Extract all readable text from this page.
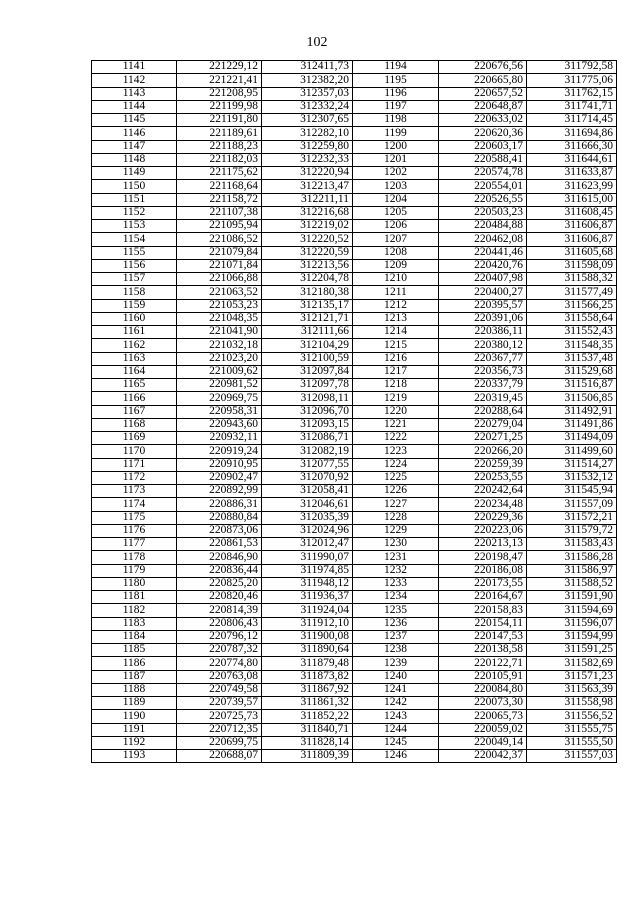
102
1141	221229,12	312411,73	1194	220676,56	311792,58
1142	221221,41	312382,20	1195	220665,80	311775,06
1143	221208,95	312357,03	1196	220657,52	311762,15
1144	221199,98	312332,24	1197	220648,87	311741,71
1145	221191,80	312307,65	1198	220633,02	311714,45
1146	221189,61	312282,10	1199	220620,36	311694,86
1147	221188,23	312259,80	1200	220603,17	311666,30
1148	221182,03	312232,33	1201	220588,41	311644,61
1149	221175,62	312220,94	1202	220574,78	311633,87
1150	221168,64	312213,47	1203	220554,01	311623,99
1151	221158,72	312211,11	1204	220526,55	311615,00
1152	221107,38	312216,68	1205	220503,23	311608,45
1153	221095,94	312219,02	1206	220484,88	311606,87
1154	221086,52	312220,52	1207	220462,08	311606,87
1155	221079,84	312220,59	1208	220441,46	311605,68
1156	221071,84	312213,56	1209	220420,76	311598,09
1157	221066,88	312204,78	1210	220407,98	311588,32
1158	221063,52	312180,38	1211	220400,27	311577,49
1159	221053,23	312135,17	1212	220395,57	311566,25
1160	221048,35	312121,71	1213	220391,06	311558,64
1161	221041,90	312111,66	1214	220386,11	311552,43
1162	221032,18	312104,29	1215	220380,12	311548,35
1163	221023,20	312100,59	1216	220367,77	311537,48
1164	221009,62	312097,84	1217	220356,73	311529,68
1165	220981,52	312097,78	1218	220337,79	311516,87
1166	220969,75	312098,11	1219	220319,45	311506,85
1167	220958,31	312096,70	1220	220288,64	311492,91
1168	220943,60	312093,15	1221	220279,04	311491,86
1169	220932,11	312086,71	1222	220271,25	311494,09
1170	220919,24	312082,19	1223	220266,20	311499,60
1171	220910,95	312077,55	1224	220259,39	311514,27
1172	220902,47	312070,92	1225	220253,55	311532,12
1173	220892,99	312058,41	1226	220242,64	311545,94
1174	220886,31	312046,61	1227	220234,48	311557,09
1175	220880,84	312035,39	1228	220229,36	311572,21
1176	220873,06	312024,96	1229	220223,06	311579,72
1177	220861,53	312012,47	1230	220213,13	311583,43
1178	220846,90	311990,07	1231	220198,47	311586,28
1179	220836,44	311974,85	1232	220186,08	311586,97
1180	220825,20	311948,12	1233	220173,55	311588,52
1181	220820,46	311936,37	1234	220164,67	311591,90
1182	220814,39	311924,04	1235	220158,83	311594,69
1183	220806,43	311912,10	1236	220154,11	311596,07
1184	220796,12	311900,08	1237	220147,53	311594,99
1185	220787,32	311890,64	1238	220138,58	311591,25
1186	220774,80	311879,48	1239	220122,71	311582,69
1187	220763,08	311873,82	1240	220105,91	311571,23
1188	220749,58	311867,92	1241	220084,80	311563,39
1189	220739,57	311861,32	1242	220073,30	311558,98
1190	220725,73	311852,22	1243	220065,73	311556,52
1191	220712,35	311840,71	1244	220059,02	311555,75
1192	220699,75	311828,14	1245	220049,14	311555,50
1193	220688,07	311809,39	1246	220042,37	311557,03
